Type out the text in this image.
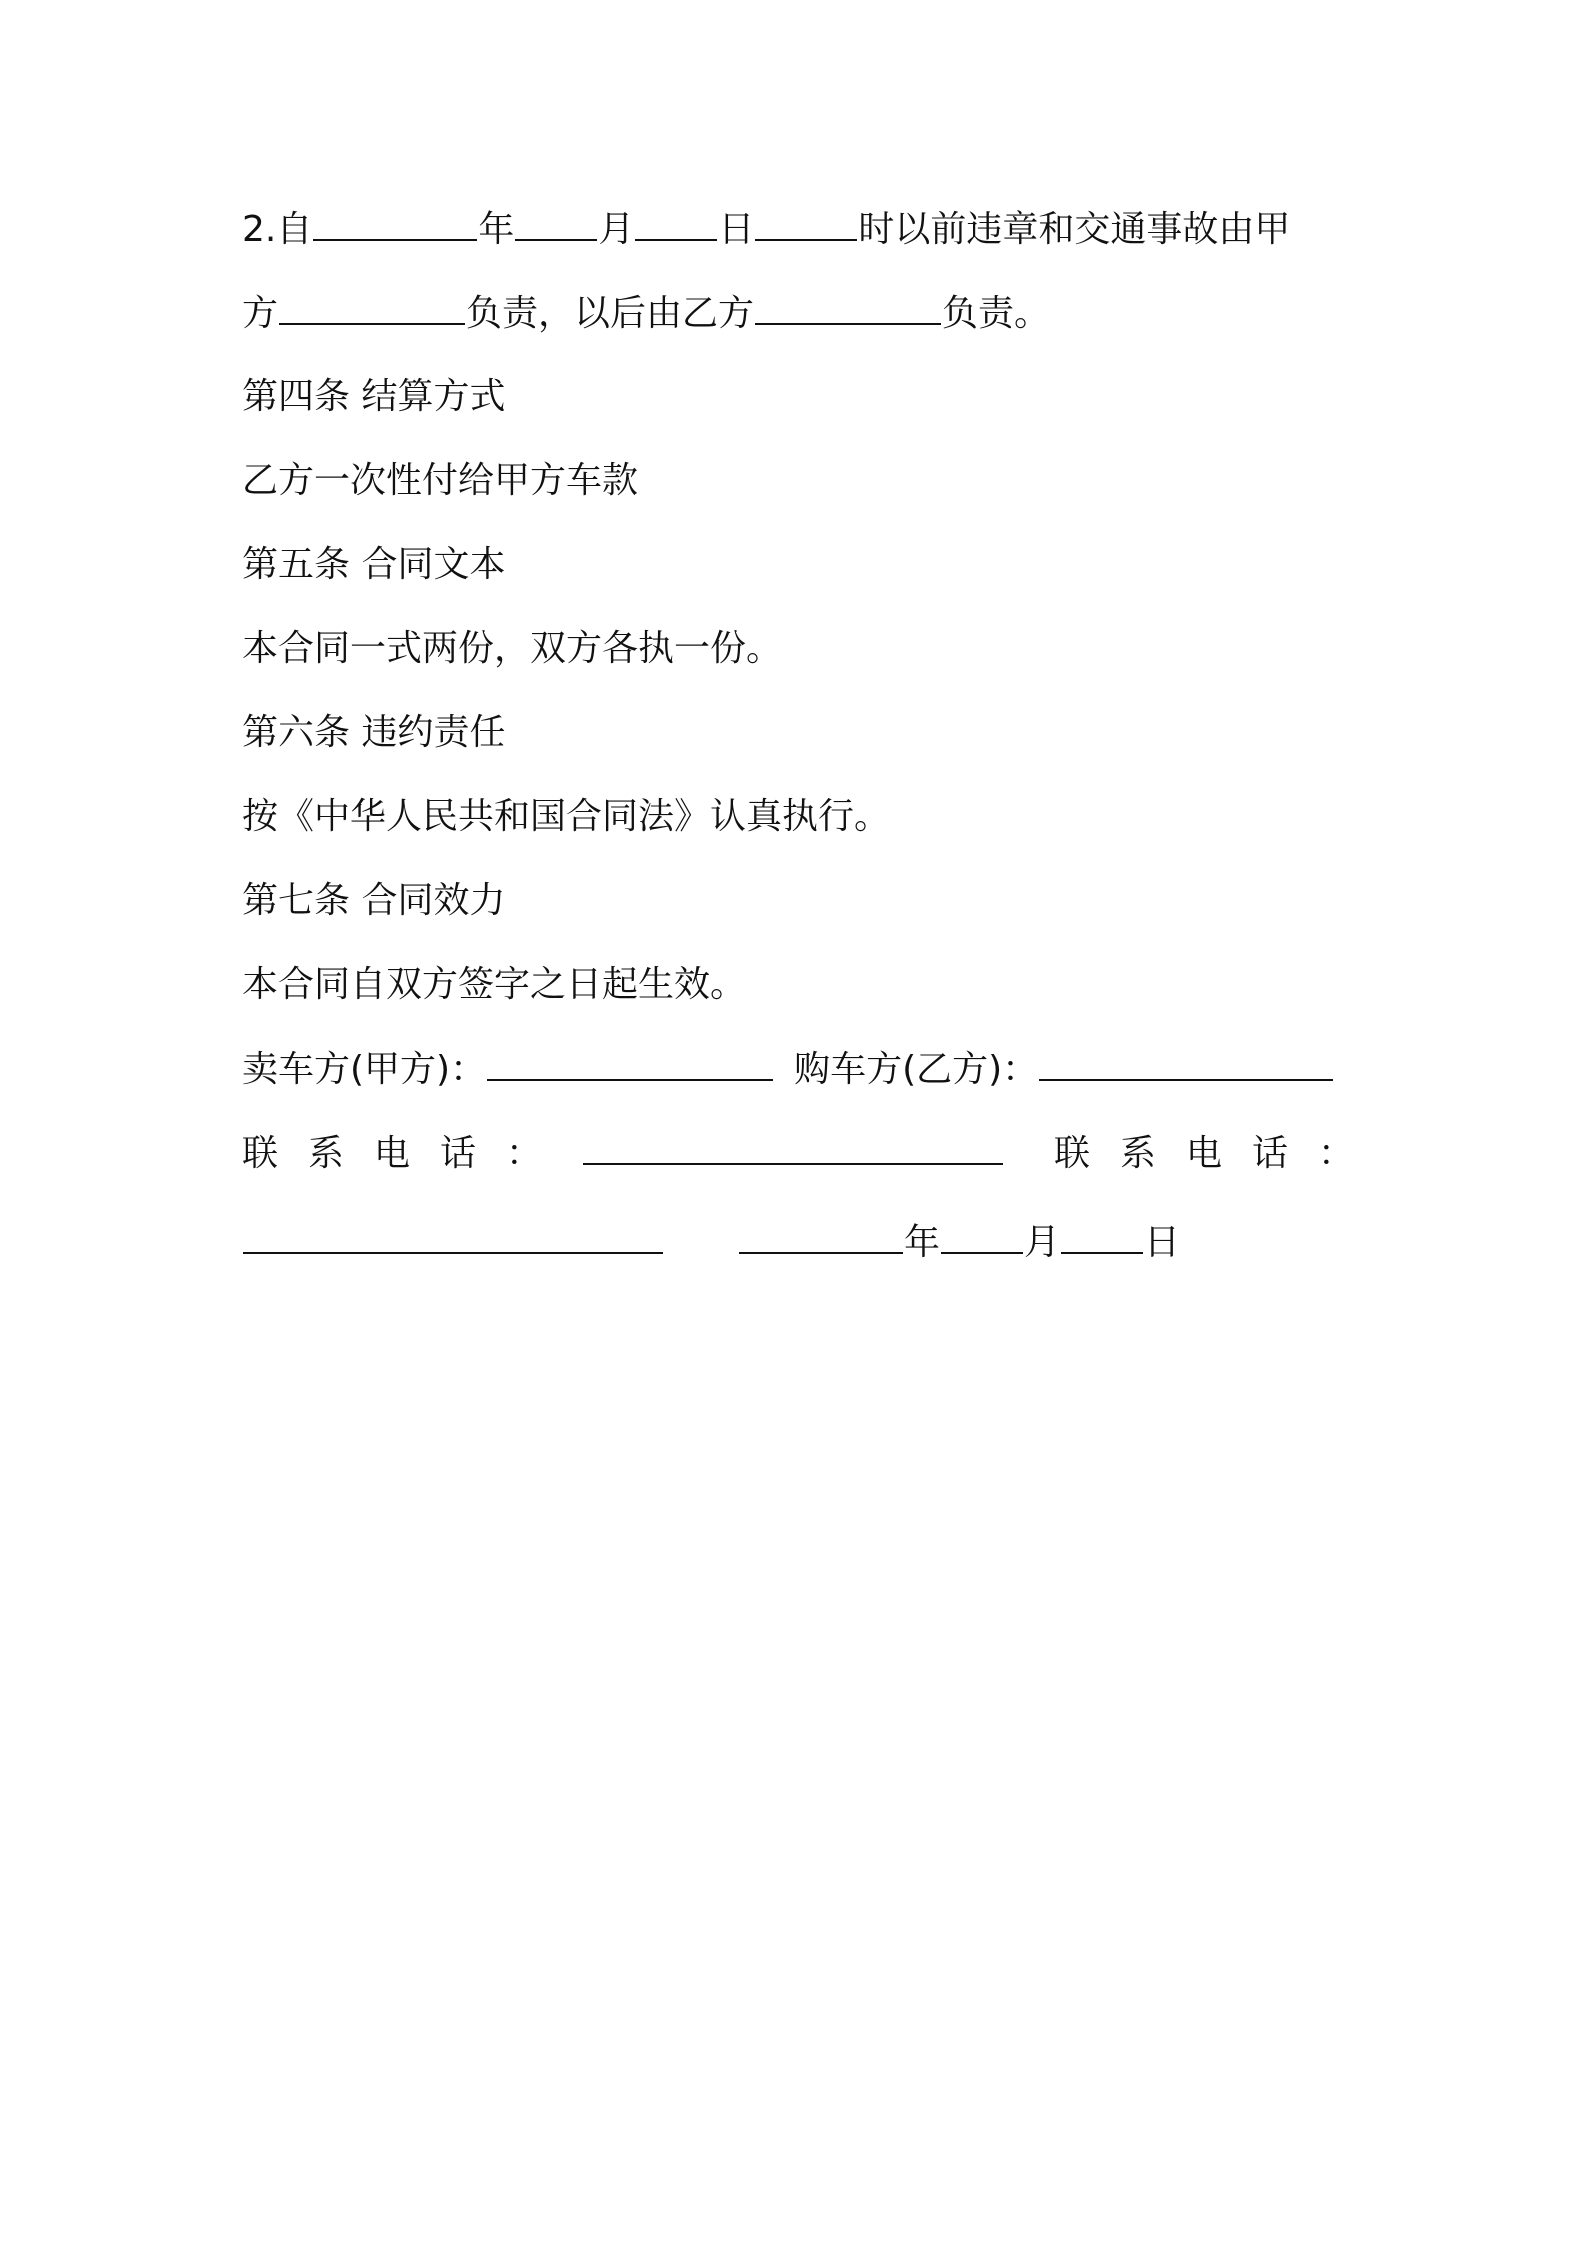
2.自	年 月 日	时以前违章和交通事故由甲
方	负责，以后由乙方	负责。
第四条 结算方式
乙方一次性付给甲方车款
第五条 合同文本
本合同一式两份，双方各执一份。
第六条 违约责任
按《中华人民共和国合同法》认真执行。
第七条 合同效力
本合同自双方签字之日起生效。
卖车方(甲方)：	购车方(乙方)：
联系电话：	联系电话：
年 月 日
